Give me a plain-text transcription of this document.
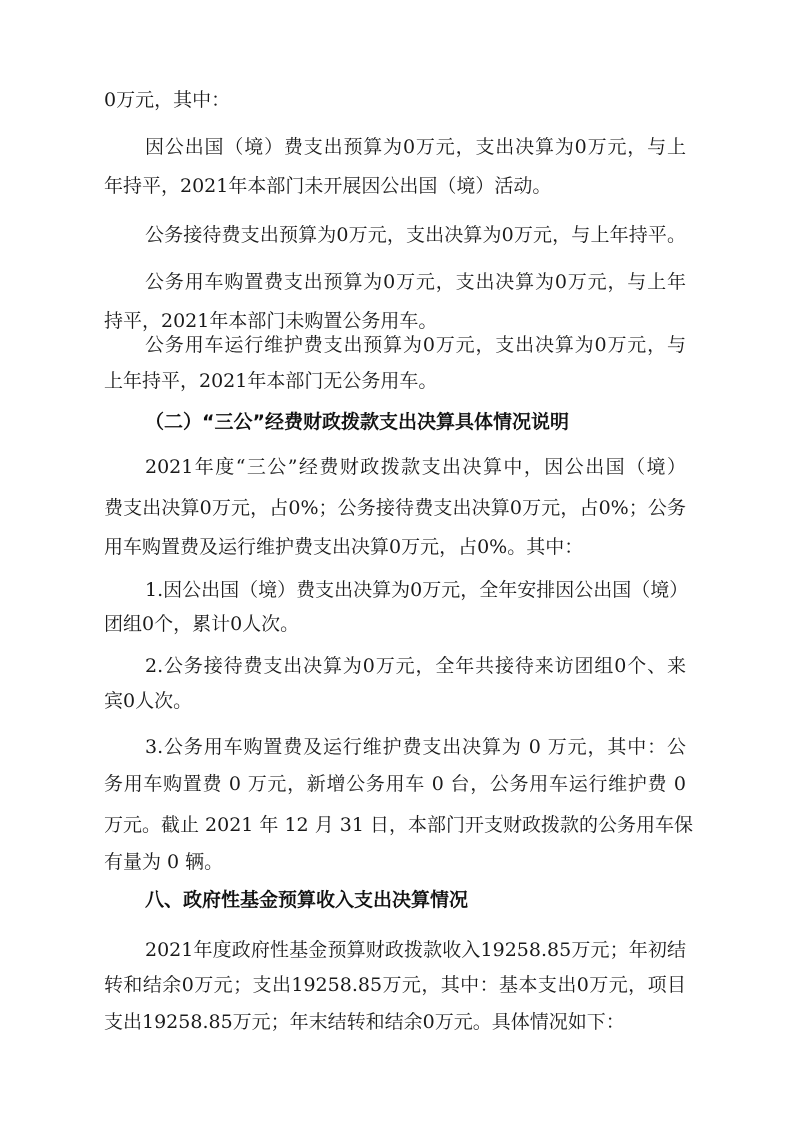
0万元，其中：
因公出国（境）费支出预算为0万元，支出决算为0万元，与上
年持平，2021年本部门未开展因公出国（境）活动。
公务接待费支出预算为0万元，支出决算为0万元，与上年持平。
公务用车购置费支出预算为0万元，支出决算为0万元，与上年
持平，2021年本部门未购置公务用车。
公务用车运行维护费支出预算为0万元，支出决算为0万元，与
上年持平，2021年本部门无公务用车。
（二）“三公”经费财政拨款支出决算具体情况说明
2021年度“三公”经费财政拨款支出决算中，因公出国（境）
费支出决算0万元，占0%；公务接待费支出决算0万元，占0%；公务
用车购置费及运行维护费支出决算0万元，占0%。其中：
1.因公出国（境）费支出决算为0万元，全年安排因公出国（境）
团组0个，累计0人次。
2.公务接待费支出决算为0万元，全年共接待来访团组0个、来
宾0人次。
3.公务用车购置费及运行维护费支出决算为 0 万元，其中：公
务用车购置费 0 万元，新增公务用车 0 台，公务用车运行维护费 0
万元。截止 2021 年 12 月 31 日，本部门开支财政拨款的公务用车保
有量为 0 辆。
八、政府性基金预算收入支出决算情况
2021年度政府性基金预算财政拨款收入19258.85万元；年初结
转和结余0万元；支出19258.85万元，其中：基本支出0万元，项目
支出19258.85万元；年末结转和结余0万元。具体情况如下：
